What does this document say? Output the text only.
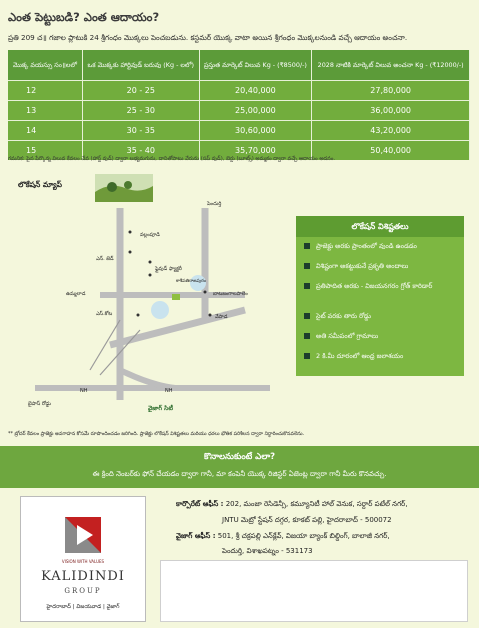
ఎంత పెట్టుబడి? ఎంత ఆదాయం?
ప్రతి 209 చ॥ గజాల ప్లాటుకి 24 శ్రీగంధం మొక్కలు పెంచబడును. కస్టమర్ యొక్క వాటా అయిన శ్రీగంధం మొక్కలనుండి వచ్చే ఆదాయం అంచనా.
మొక్క వయస్సు సం॥లలో	ఒక మొక్కకు హార్టివుడ్ బరువు (Kg - లలో)	ప్రస్తుత మార్కెట్ విలువ Kg - (₹8500/-)	2028 నాటికి మార్కెట్ విలువ అంచనా Kg - (₹12000/-)
12	20 - 25	20,40,000	27,80,000
13	25 - 30	25,00,000	36,00,000
14	30 - 35	30,60,000	43,20,000
15	35 - 40	35,70,000	50,40,000
గమనిక: పైన పేర్కొన్న విలువ కేవలం చేవ (హార్ట్ వుడ్) ద్వారా లభ్యమగును, దానితోపాటు వేరును (సప్ వుడ్), బెర్డు (బూట్స్) అమ్మకం ద్వారా వచ్చే ఆదాయం అదనం.
లొకేషన్ మ్యాప్
పెందుర్తి
ఉమ్మలాడ
ఎన్. జెడ్
ఎస్.కోట
ఫ్లైవుడ్ ఫ్యాక్టరీ
బాటజంగాలపాలెం
వేపాడ
వల్లంపూడి
కాశీపతిరాజపురం
NH	NH
బైపాస్ రోడ్డు
వైజాగ్ సిటీ
లొకేషన్ విశిష్టతలు
ప్రాజెక్టు అరకు ప్రాంతంలో వుండి ఉండడం
విశిష్టంగా అకట్టుకునే ప్రకృతి అందాలు
ప్రతిపాదిత అరకు - విజయనగరం గ్రోత్ కారిడార్
సైట్ వరకు తారు రోడ్డు
అతి సమీపంలో గ్రామాలు
2 కి.మీ దూరంలో ఆంధ్ర జలాశయం
** బ్రోచర్ కేవలం ప్రాజెక్టు అవగాహన కోసమే రూపొందించడం జరిగింది. ప్రాజెక్టు లొకేషన్ విశిష్టతలు మరియు ధరలు భౌతిక పరిశీలన ద్వారా నిర్ధారించుకొనవలెను.
కొనాలనుకుంటే ఎలా?
ఈ క్రింది నెంబర్‌కు ఫోన్ చేయడం ద్వారా గానీ, మా కంపెనీ యొక్క రిజిస్టర్ ఏజెంట్ల ద్వారా గానీ మీరు కొనవచ్చు.
VISION WITH VALUES
KALIDINDI
GROUP
హైదరాబాద్ | విజయవాడ | వైజాగ్
కార్పొరేట్ ఆఫీస్ : 202, మంజా రెసిడెన్సీ, కమ్యూనిటీ హాల్ వెనుక, సర్దార్ పటేల్ నగర్,
JNTU మెట్రో స్టేషన్ దగ్గర, కూకట్ పల్లి, హైదరాబాద్ - 500072
వైజాగ్ ఆఫీస్ : 501, శ్రీ చక్రపల్లి ఎన్‌క్లేవ్, విజయా బ్యాంక్ బిల్డింగ్, బాలాజీ నగర్,
పెందుర్తి, విశాఖపట్నం - 531173
